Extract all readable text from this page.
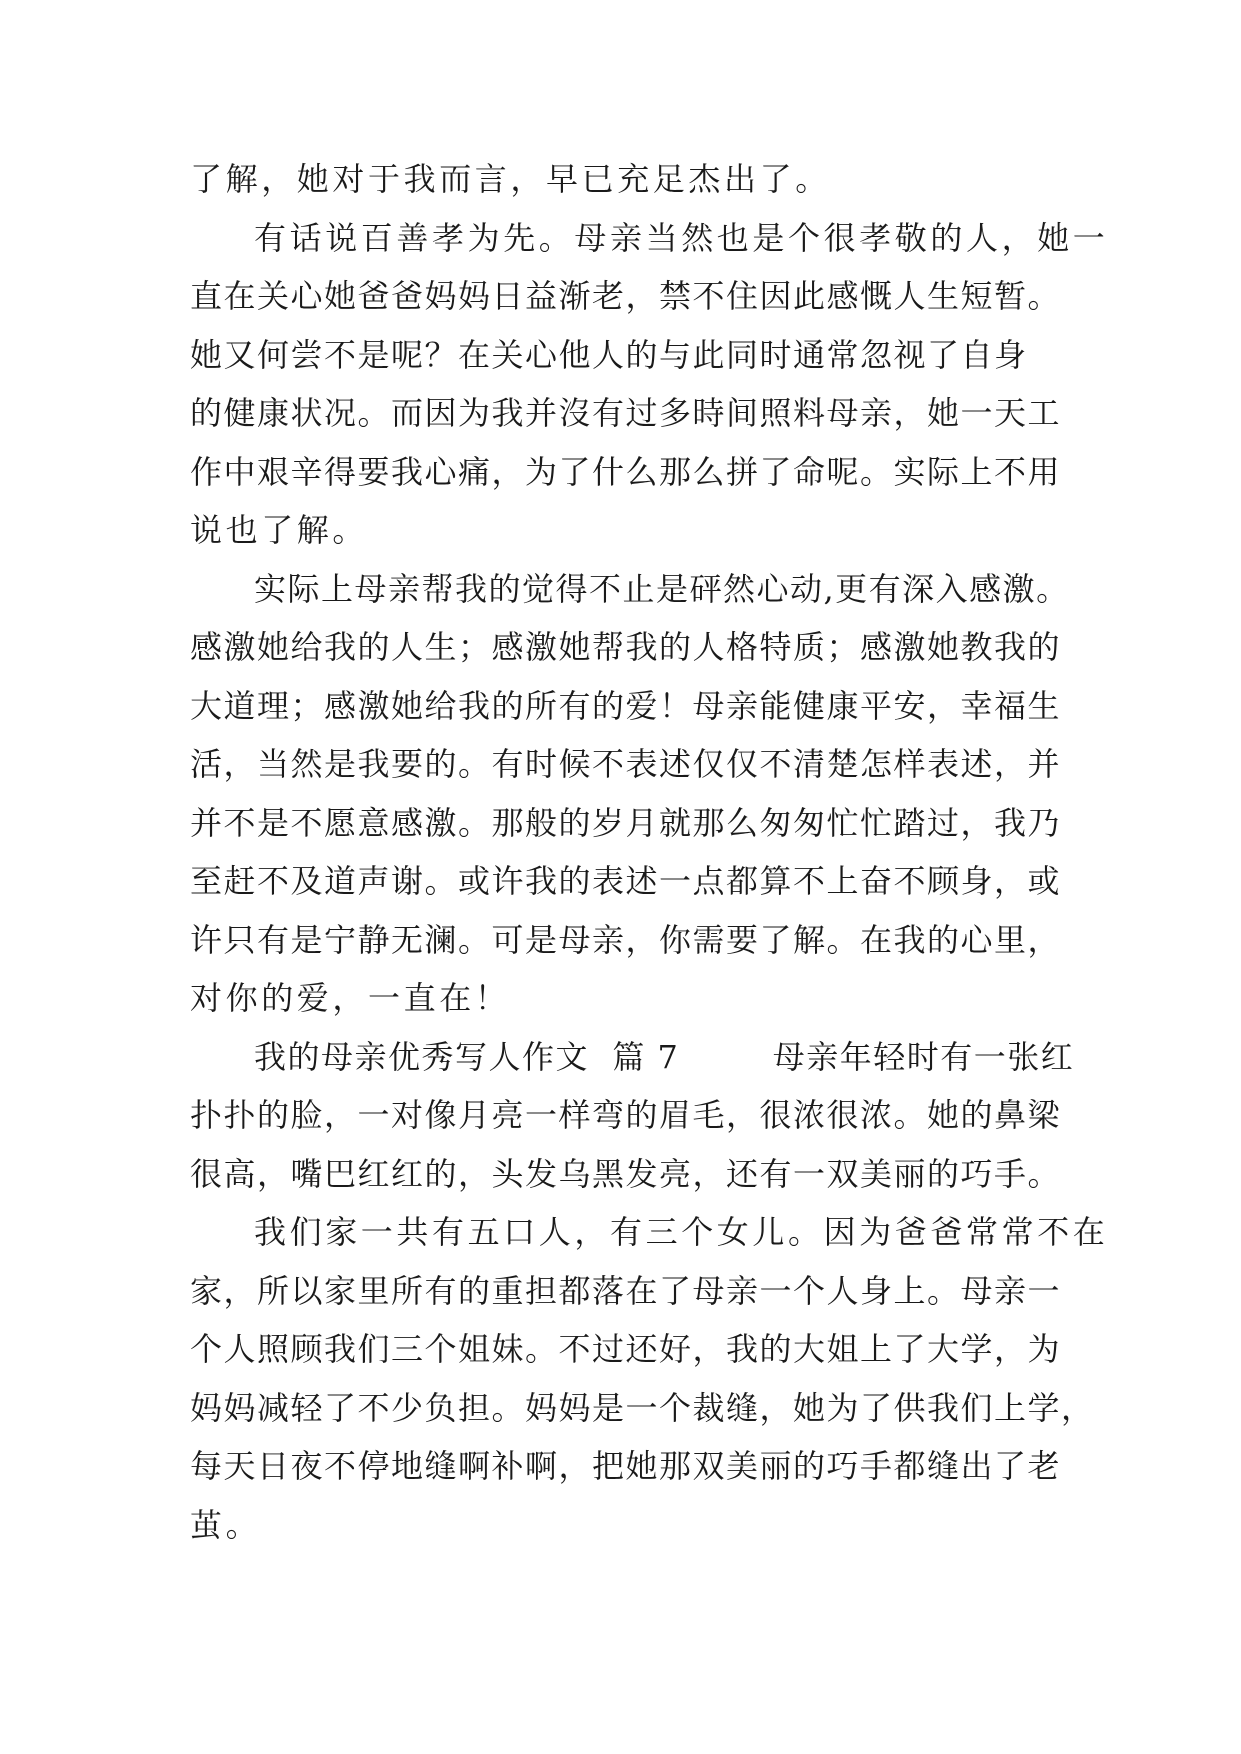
了解，她对于我而言，早已充足杰出了。
有话说百善孝为先。母亲当然也是个很孝敬的人，她一
直在关心她爸爸妈妈日益渐老，禁不住因此感慨人生短暂。
她又何尝不是呢？在关心他人的与此同时通常忽视了自身
的健康状况。而因为我并沒有过多時间照料母亲，她一天工
作中艰辛得要我心痛，为了什么那么拼了命呢。实际上不用
说也了解。
实际上母亲帮我的觉得不止是砰然心动,更有深入感激。
感激她给我的人生；感激她帮我的人格特质；感激她教我的
大道理；感激她给我的所有的爱！母亲能健康平安，幸福生
活，当然是我要的。有时候不表述仅仅不清楚怎样表述，并
并不是不愿意感激。那般的岁月就那么匆匆忙忙踏过，我乃
至赶不及道声谢。或许我的表述一点都算不上奋不顾身，或
许只有是宁静无澜。可是母亲，你需要了解。在我的心里，
对你的爱，一直在！
我的母亲优秀写人作文  篇 7        母亲年轻时有一张红
扑扑的脸，一对像月亮一样弯的眉毛，很浓很浓。她的鼻梁
很高，嘴巴红红的，头发乌黑发亮，还有一双美丽的巧手。
我们家一共有五口人，有三个女儿。因为爸爸常常不在
家，所以家里所有的重担都落在了母亲一个人身上。母亲一
个人照顾我们三个姐妹。不过还好，我的大姐上了大学，为
妈妈减轻了不少负担。妈妈是一个裁缝，她为了供我们上学，
每天日夜不停地缝啊补啊，把她那双美丽的巧手都缝出了老
茧。
